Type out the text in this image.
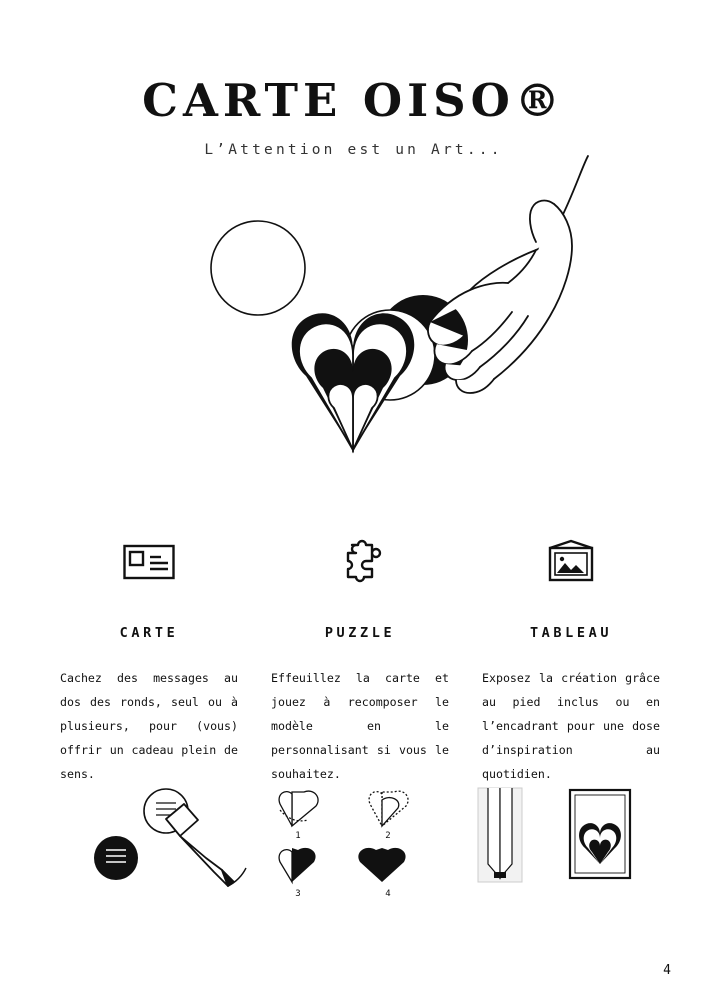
CARTE OISO®
L’Attention est un Art...
CARTE
Cachez des messages au dos des ronds, seul ou à plusieurs, pour (vous) offrir un cadeau plein de sens.
PUZZLE
Effeuillez la carte et jouez à recomposer le modèle en le personnalisant si vous le souhaitez.
TABLEAU
Exposez la création grâce au pied inclus ou en l’encadrant pour une dose d’inspiration au quotidien.
1	2
3	4
4
